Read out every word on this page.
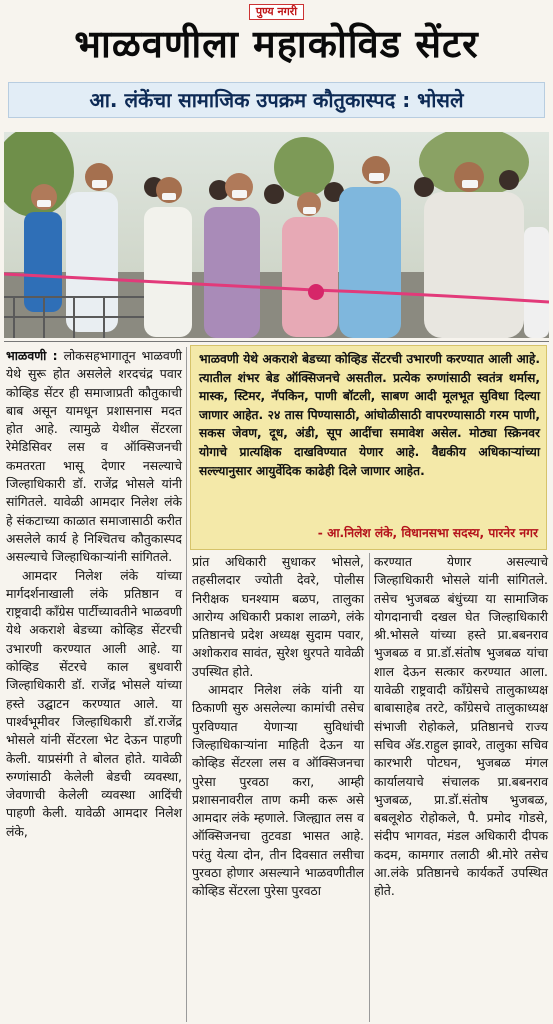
पुण्य नगरी
भाळवणीला महाकोविड सेंटर
आ. लंकेंचा सामाजिक उपक्रम कौतुकास्पद : भोसले

भाळवणी येथे अकराशे बेडच्या कोव्हिड सेंटरची उभारणी करण्यात आली आहे. त्यातील शंभर बेड ऑक्सिजनचे असतील. प्रत्येक रुग्णांसाठी स्वतंत्र थर्मास, मास्क, स्टिमर, नॅपकिन, पाणी बॉटली, साबण आदी मूलभूत सुविधा दिल्या जाणार आहेत. २४ तास पिण्यासाठी, आंघोळीसाठी वापरण्यासाठी गरम पाणी, सकस जेवण, दूध, अंडी, सूप आदींचा समावेश असेल. मोठ्या स्क्रिनवर योगाचे प्रात्यक्षिक दाखविण्यात येणार आहे. वैद्यकीय अधिकाऱ्यांच्या सल्ल्यानुसार आयुर्वेदिक काढेही दिले जाणार आहेत.

- आ.निलेश लंके, विधानसभा सदस्य, पारनेर नगर

भाळवणी : लोकसहभागातून भाळवणी येथे सुरू होत असलेले शरदचंद्र पवार कोव्हिड सेंटर ही समाजाप्रती कौतुकाची बाब असून यामधून प्रशासनास मदत होत आहे. त्यामुळे येथील सेंटरला रेमेडिसिवर लस व ऑक्सिजनची कमतरता भासू देणार नसल्याचे जिल्हाधिकारी डॉ. राजेंद्र भोसले यांनी सांगितले. यावेळी आमदार निलेश लंके हे संकटाच्या काळात समाजासाठी करीत असलेले कार्य हे निश्चितच कौतुकास्पद असल्याचे जिल्हाधिकाऱ्यांनी सांगितले.

आमदार निलेश लंके यांच्या मार्गदर्शनाखाली लंके प्रतिष्ठान व राष्ट्रवादी काँग्रेस पार्टीच्यावतीने भाळवणी येथे अकराशे बेडच्या कोव्हिड सेंटरची उभारणी करण्यात आली आहे. या कोव्हिड सेंटरचे काल बुधवारी जिल्हाधिकारी डॉ. राजेंद्र भोसले यांच्या हस्ते उद्घाटन करण्यात आले. या पार्श्वभूमीवर जिल्हाधिकारी डॉ.राजेंद्र भोसले यांनी सेंटरला भेट देऊन पाहणी केली. याप्रसंगी ते बोलत होते. यावेळी रुग्णांसाठी केलेली बेडची व्यवस्था, जेवणाची केलेली व्यवस्था आदिंची पाहणी केली. यावेळी आमदार निलेश लंके,

प्रांत अधिकारी सुधाकर भोसले, तहसीलदार ज्योती देवरे, पोलीस निरीक्षक घनश्याम बळप, तालुका आरोग्य अधिकारी प्रकाश लाळगे, लंके प्रतिष्ठानचे प्रदेश अध्यक्ष सुदाम पवार, अशोकराव सावंत, सुरेश धुरपते यावेळी उपस्थित होते.

आमदार निलेश लंके यांनी या ठिकाणी सुरु असलेल्या कामांची तसेच पुरविण्यात येणाऱ्या सुविधांची जिल्हाधिकाऱ्यांना माहिती देऊन या कोव्हिड सेंटरला लस व ऑक्सिजनचा पुरेसा पुरवठा करा, आम्ही प्रशासनावरील ताण कमी करू असे आमदार लंके म्हणाले. जिल्ह्यात लस व ऑक्सिजनचा तुटवडा भासत आहे. परंतु येत्या दोन, तीन दिवसात लसीचा पुरवठा होणार असल्याने भाळवणीतील कोव्हिड सेंटरला पुरेसा पुरवठा

करण्यात येणार असल्याचे जिल्हाधिकारी भोसले यांनी सांगितले. तसेच भुजबळ बंधुंच्या या सामाजिक योगदानाची दखल घेत जिल्हाधिकारी श्री.भोसले यांच्या हस्ते प्रा.बबनराव भुजबळ व प्रा.डॉ.संतोष भुजबळ यांचा शाल देऊन सत्कार करण्यात आला. यावेळी राष्ट्रवादी काँग्रेसचे तालुकाध्यक्ष बाबासाहेब तरटे, काँग्रेसचे तालुकाध्यक्ष संभाजी रोहोकले, प्रतिष्ठानचे राज्य सचिव अ‍ॅड.राहुल झावरे, तालुका सचिव कारभारी पोटघन, भुजबळ मंगल कार्यालयाचे संचालक प्रा.बबनराव भुजबळ, प्रा.डॉ.संतोष भुजबळ, बबलूशेठ रोहोकले, पै. प्रमोद गोडसे, संदीप भागवत, मंडल अधिकारी दीपक कदम, कामगार तलाठी श्री.मोरे तसेच आ.लंके प्रतिष्ठानचे कार्यकर्ते उपस्थित होते.
